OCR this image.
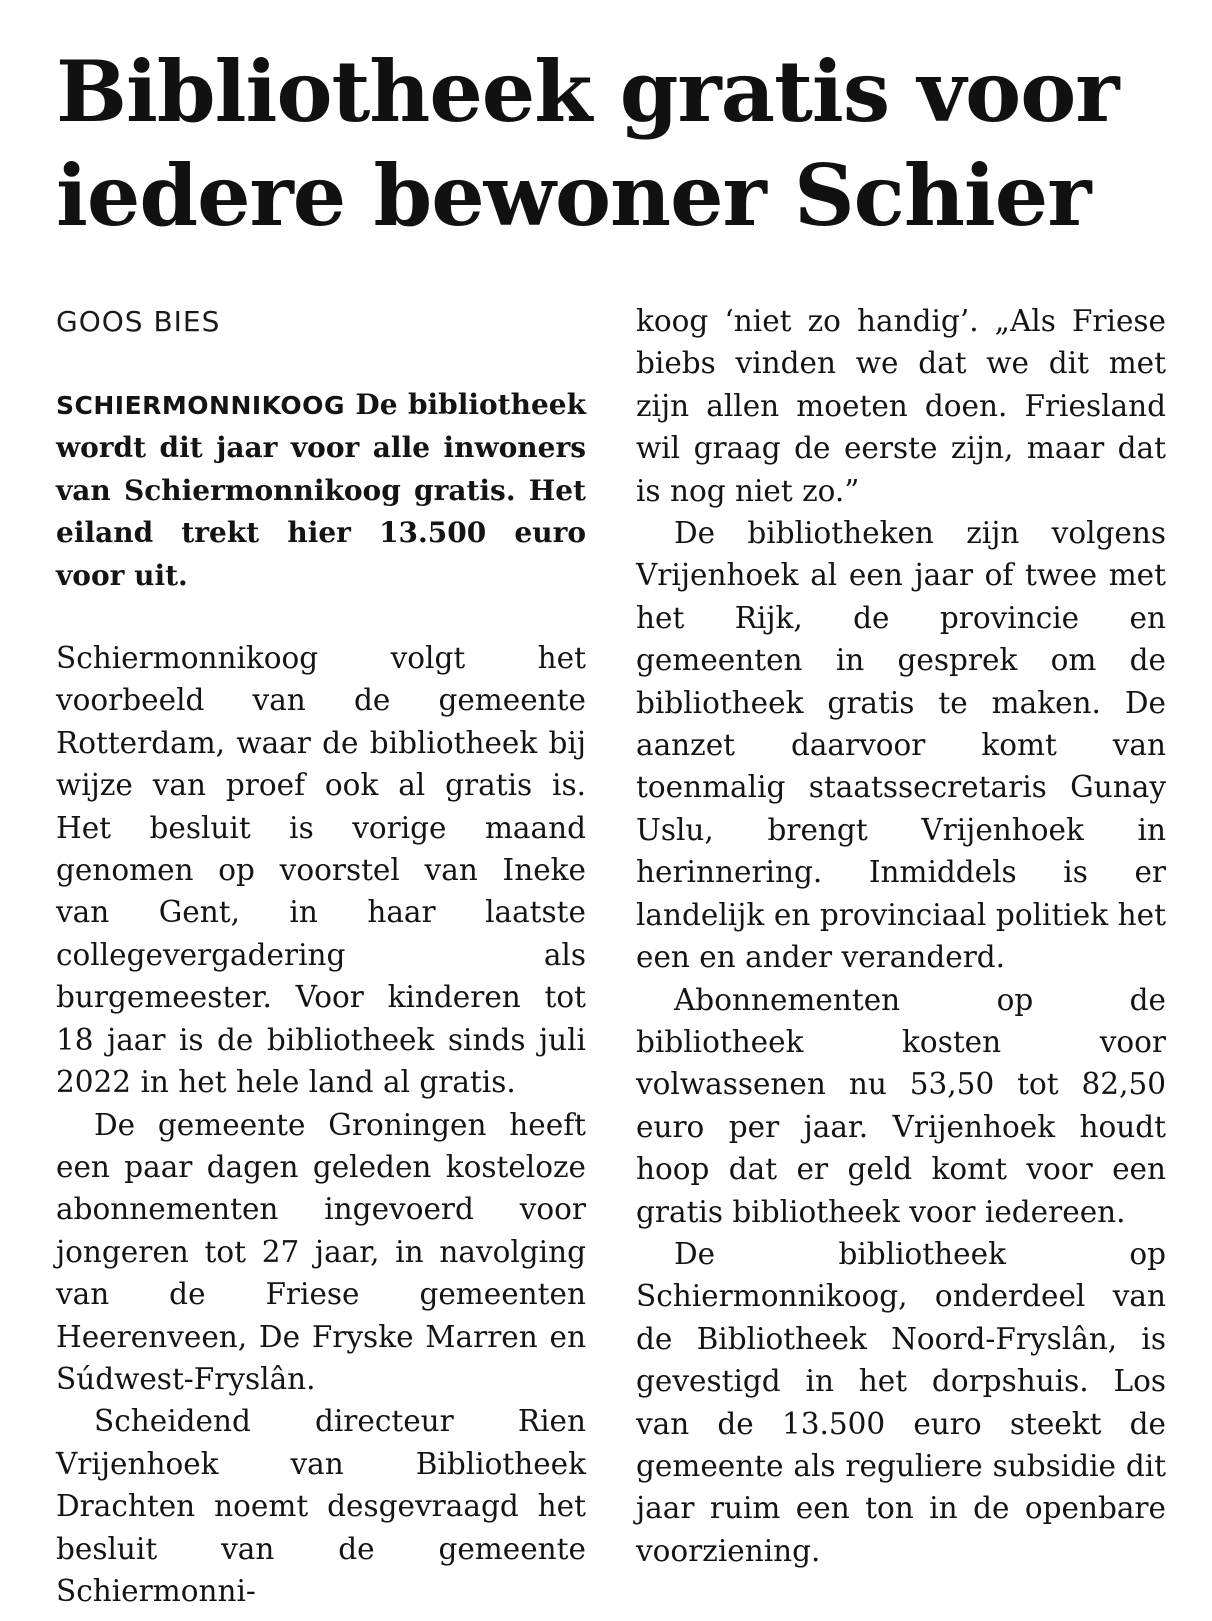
Bibliotheek gratis voor
iedere bewoner Schier
GOOS BIES

SCHIERMONNIKOOG De bibliotheek wordt dit jaar voor alle inwoners van Schiermonnikoog gratis. Het eiland trekt hier 13.500 euro voor uit.

Schiermonnikoog volgt het voorbeeld van de gemeente Rotterdam, waar de bibliotheek bij wijze van proef ook al gratis is. Het besluit is vorige maand genomen op voorstel van Ineke van Gent, in haar laatste collegevergadering als burgemeester. Voor kinderen tot 18 jaar is de bibliotheek sinds juli 2022 in het hele land al gratis.

De gemeente Groningen heeft een paar dagen geleden kosteloze abonnementen ingevoerd voor jongeren tot 27 jaar, in navolging van de Friese gemeenten Heerenveen, De Fryske Marren en Súdwest-Fryslân.

Scheidend directeur Rien Vrijenhoek van Bibliotheek Drachten noemt desgevraagd het besluit van de gemeente Schiermonni-

koog ‘niet zo handig’. „Als Friese biebs vinden we dat we dit met zijn allen moeten doen. Friesland wil graag de eerste zijn, maar dat is nog niet zo.”

De bibliotheken zijn volgens Vrijenhoek al een jaar of twee met het Rijk, de provincie en gemeenten in gesprek om de bibliotheek gratis te maken. De aanzet daarvoor komt van toenmalig staatssecretaris Gunay Uslu, brengt Vrijenhoek in herinnering. Inmiddels is er landelijk en provinciaal politiek het een en ander veranderd.

Abonnementen op de bibliotheek kosten voor volwassenen nu 53,50 tot 82,50 euro per jaar. Vrijenhoek houdt hoop dat er geld komt voor een gratis bibliotheek voor iedereen.

De bibliotheek op Schiermonnikoog, onderdeel van de Bibliotheek Noord-Fryslân, is gevestigd in het dorpshuis. Los van de 13.500 euro steekt de gemeente als reguliere subsidie dit jaar ruim een ton in de openbare voorziening.
